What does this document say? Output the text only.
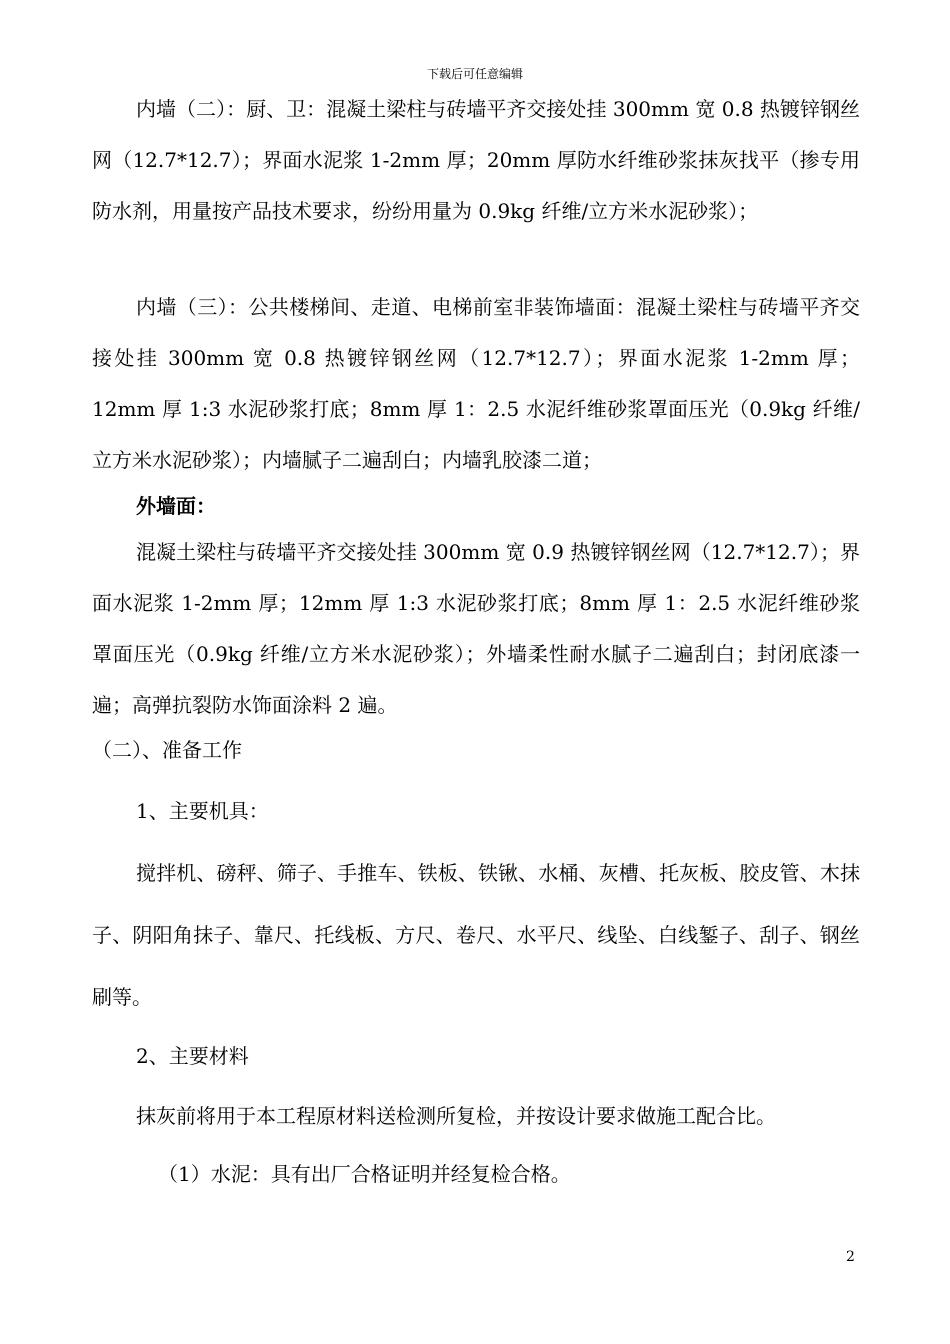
下载后可任意编辑

内墙（二）：厨、卫：混凝土梁柱与砖墙平齐交接处挂 300mm 宽 0.8 热镀锌钢丝网（12.7*12.7）；界面水泥浆 1-2mm 厚；20mm 厚防水纤维砂浆抹灰找平（掺专用防水剂，用量按产品技术要求，纷纷用量为 0.9kg 纤维/立方米水泥砂浆）；

内墙（三）：公共楼梯间、走道、电梯前室非装饰墙面：混凝土梁柱与砖墙平齐交接处挂 300mm 宽 0.8 热镀锌钢丝网（12.7*12.7）；界面水泥浆 1-2mm 厚；12mm 厚 1:3 水泥砂浆打底；8mm 厚 1：2.5 水泥纤维砂浆罩面压光（0.9kg 纤维/立方米水泥砂浆）；内墙腻子二遍刮白；内墙乳胶漆二道；

外墙面：

混凝土梁柱与砖墙平齐交接处挂 300mm 宽 0.9 热镀锌钢丝网（12.7*12.7）；界面水泥浆 1-2mm 厚；12mm 厚 1:3 水泥砂浆打底；8mm 厚 1：2.5 水泥纤维砂浆罩面压光（0.9kg 纤维/立方米水泥砂浆）；外墙柔性耐水腻子二遍刮白；封闭底漆一遍；高弹抗裂防水饰面涂料 2 遍。

（二）、准备工作

1、主要机具：

搅拌机、磅秤、筛子、手推车、铁板、铁锹、水桶、灰槽、托灰板、胶皮管、木抹子、阴阳角抹子、靠尺、托线板、方尺、卷尺、水平尺、线坠、白线錾子、刮子、钢丝刷等。

2、主要材料

抹灰前将用于本工程原材料送检测所复检，并按设计要求做施工配合比。

（1）水泥：具有出厂合格证明并经复检合格。

2
